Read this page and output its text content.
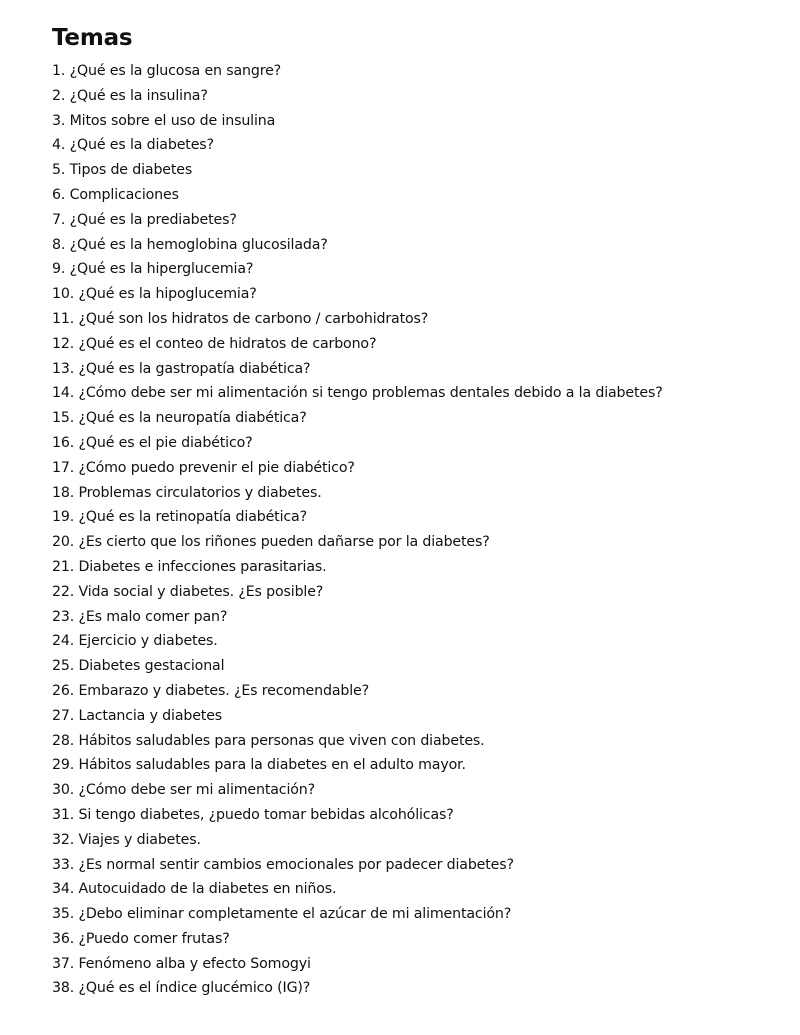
Temas
1. ¿Qué es la glucosa en sangre?
2. ¿Qué es la insulina?
3. Mitos sobre el uso de insulina
4. ¿Qué es la diabetes?
5. Tipos de diabetes
6. Complicaciones
7. ¿Qué es la prediabetes?
8. ¿Qué es la hemoglobina glucosilada?
9. ¿Qué es la hiperglucemia?
10. ¿Qué es la hipoglucemia?
11. ¿Qué son los hidratos de carbono / carbohidratos?
12. ¿Qué es el conteo de hidratos de carbono?
13. ¿Qué es la gastropatía diabética?
14. ¿Cómo debe ser mi alimentación si tengo problemas dentales debido a la diabetes?
15. ¿Qué es la neuropatía diabética?
16. ¿Qué es el pie diabético?
17. ¿Cómo puedo prevenir el pie diabético?
18. Problemas circulatorios y diabetes.
19. ¿Qué es la retinopatía diabética?
20. ¿Es cierto que los riñones pueden dañarse por la diabetes?
21. Diabetes e infecciones parasitarias.
22. Vida social y diabetes. ¿Es posible?
23. ¿Es malo comer pan?
24. Ejercicio y diabetes.
25. Diabetes gestacional
26. Embarazo y diabetes. ¿Es recomendable?
27. Lactancia y diabetes
28. Hábitos saludables para personas que viven con diabetes.
29. Hábitos saludables para la diabetes en el adulto mayor.
30. ¿Cómo debe ser mi alimentación?
31. Si tengo diabetes, ¿puedo tomar bebidas alcohólicas?
32. Viajes y diabetes.
33. ¿Es normal sentir cambios emocionales por padecer diabetes?
34. Autocuidado de la diabetes en niños.
35. ¿Debo eliminar completamente el azúcar de mi alimentación?
36. ¿Puedo comer frutas?
37. Fenómeno alba y efecto Somogyi
38. ¿Qué es el índice glucémico (IG)?
